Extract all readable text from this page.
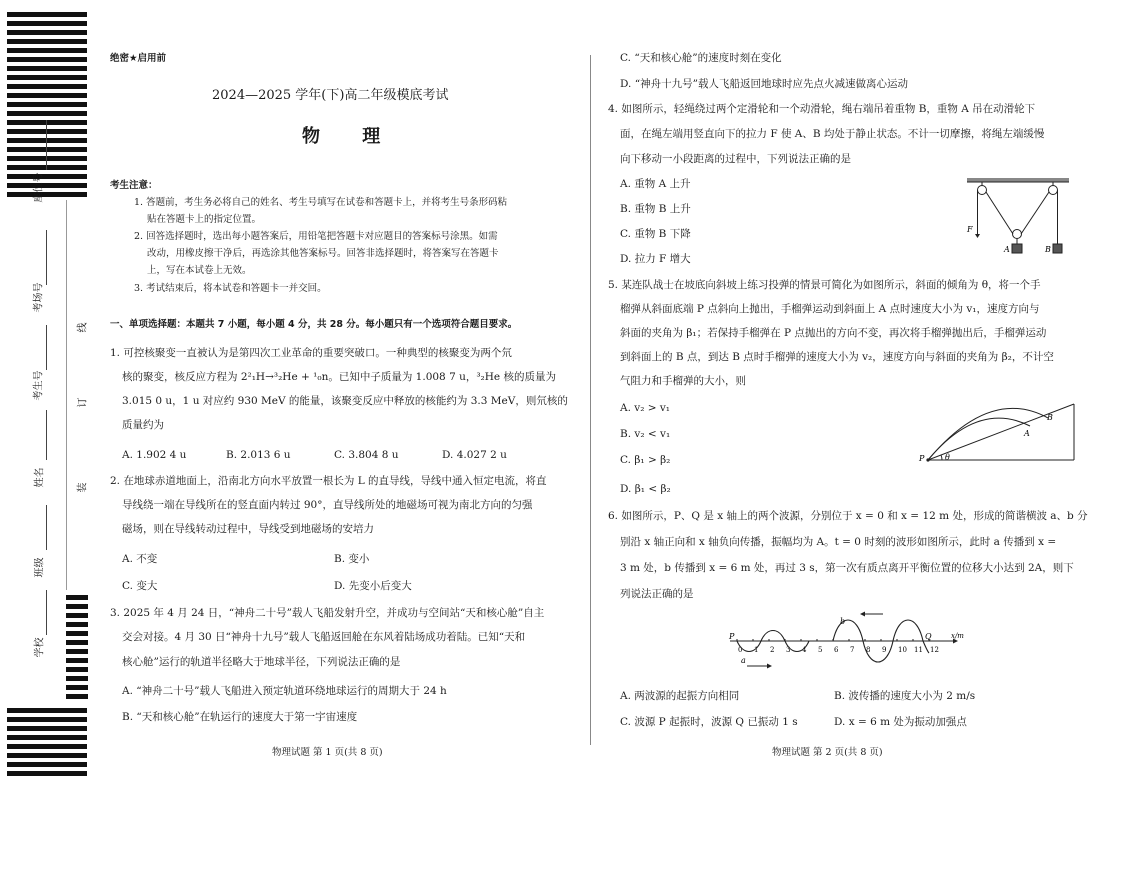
座位号
考场号
考生号
姓名
班级
学校
线
订
装
绝密★启用前
2024—2025 学年(下)高二年级模底考试
物 理
考生注意：
1. 答题前，考生务必将自己的姓名、考生号填写在试卷和答题卡上，并将考生号条形码粘
贴在答题卡上的指定位置。
2. 回答选择题时，选出每小题答案后，用铅笔把答题卡对应题目的答案标号涂黑。如需
改动，用橡皮擦干净后，再选涂其他答案标号。回答非选择题时，将答案写在答题卡
上，写在本试卷上无效。
3. 考试结束后，将本试卷和答题卡一并交回。
一、单项选择题：本题共 7 小题，每小题 4 分，共 28 分。每小题只有一个选项符合题目要求。
1. 可控核聚变一直被认为是第四次工业革命的重要突破口。一种典型的核聚变为两个氘
核的聚变，核反应方程为 2²₁H→³₂He + ¹₀n。已知中子质量为 1.008 7 u，³₂He 核的质量为
3.015 0 u，1 u 对应约 930 MeV 的能量，该聚变反应中释放的核能约为 3.3 MeV，则氘核的
质量约为
A. 1.902 4 u	B. 2.013 6 u	C. 3.804 8 u	D. 4.027 2 u
2. 在地球赤道地面上，沿南北方向水平放置一根长为 L 的直导线，导线中通入恒定电流，将直
导线绕一端在导线所在的竖直面内转过 90°，直导线所处的地磁场可视为南北方向的匀强
磁场，则在导线转动过程中，导线受到地磁场的安培力
A. 不变	B. 变小
C. 变大	D. 先变小后变大
3. 2025 年 4 月 24 日，“神舟二十号”载人飞船发射升空，并成功与空间站“天和核心舱”自主
交会对接。4 月 30 日“神舟十九号”载人飞船返回舱在东风着陆场成功着陆。已知“天和
核心舱”运行的轨道半径略大于地球半径，下列说法正确的是
A. “神舟二十号”载人飞船进入预定轨道环绕地球运行的周期大于 24 h
B. “天和核心舱”在轨运行的速度大于第一宇宙速度
物理试题 第 1 页(共 8 页)
C. “天和核心舱”的速度时刻在变化
D. “神舟十九号”载人飞船返回地球时应先点火减速做离心运动
4. 如图所示，轻绳绕过两个定滑轮和一个动滑轮，绳右端吊着重物 B，重物 A 吊在动滑轮下
面，在绳左端用竖直向下的拉力 F 使 A、B 均处于静止状态。不计一切摩擦，将绳左端缓慢
向下移动一小段距离的过程中，下列说法正确的是
A. 重物 A 上升
B. 重物 B 上升
C. 重物 B 下降
D. 拉力 F 增大
F
A	B
5. 某连队战士在坡底向斜坡上练习投弹的情景可简化为如图所示，斜面的倾角为 θ，将一个手
榴弹从斜面底端 P 点斜向上抛出，手榴弹运动到斜面上 A 点时速度大小为 v₁，速度方向与
斜面的夹角为 β₁；若保持手榴弹在 P 点抛出的方向不变，再次将手榴弹抛出后，手榴弹运动
到斜面上的 B 点，到达 B 点时手榴弹的速度大小为 v₂，速度方向与斜面的夹角为 β₂，不计空
气阻力和手榴弹的大小，则
A. v₂ > v₁
B. v₂ < v₁
C. β₁ > β₂
D. β₁ < β₂
P	θ
A
B
6. 如图所示，P、Q 是 x 轴上的两个波源，分别位于 x = 0 和 x = 12 m 处，形成的简谐横波 a、b 分
别沿 x 轴正向和 x 轴负向传播，振幅均为 A。t = 0 时刻的波形如图所示，此时 a 传播到 x =
3 m 处，b 传播到 x = 6 m 处，再过 3 s，第一次有质点离开平衡位置的位移大小达到 2A，则下
列说法正确的是
0 1 2 3 4 5 6 7 8 9 10 11 12
P	Q
a
b
x/m
A. 两波源的起振方向相同	B. 波传播的速度大小为 2 m/s
C. 波源 P 起振时，波源 Q 已振动 1 s	D. x = 6 m 处为振动加强点
物理试题 第 2 页(共 8 页)
